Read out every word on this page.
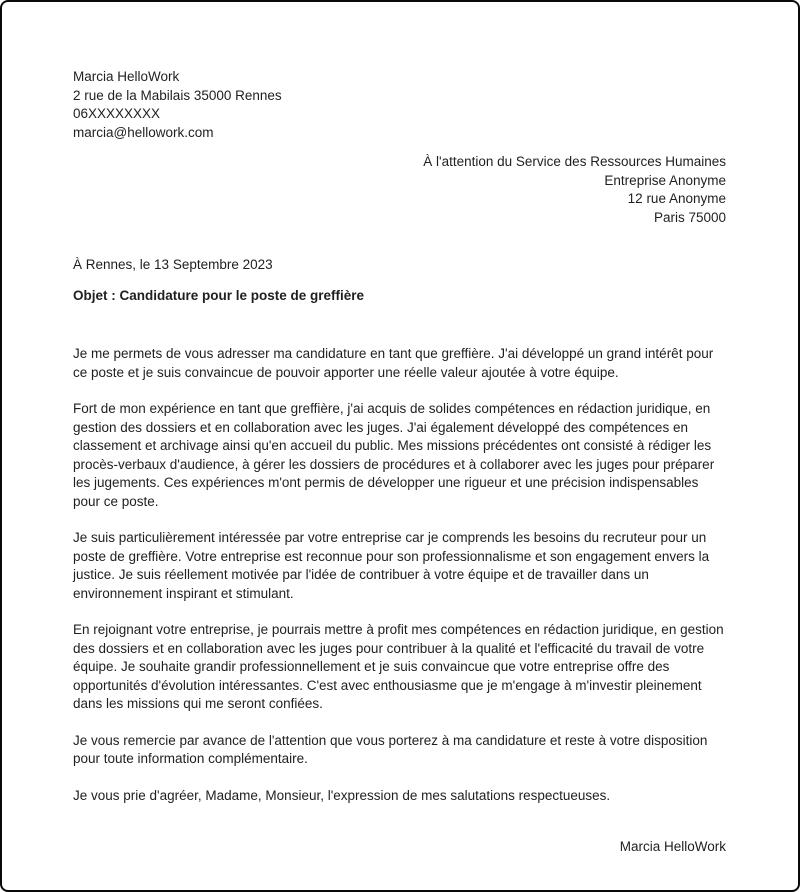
Marcia HelloWork
2 rue de la Mabilais 35000 Rennes
06XXXXXXXX
marcia@hellowork.com
À l'attention du Service des Ressources Humaines
Entreprise Anonyme
12 rue Anonyme
Paris 75000
À Rennes, le 13 Septembre 2023
Objet : Candidature pour le poste de greffière

Je me permets de vous adresser ma candidature en tant que greffière. J'ai développé un grand intérêt pour ce poste et je suis convaincue de pouvoir apporter une réelle valeur ajoutée à votre équipe.

Fort de mon expérience en tant que greffière, j'ai acquis de solides compétences en rédaction juridique, en gestion des dossiers et en collaboration avec les juges. J'ai également développé des compétences en classement et archivage ainsi qu'en accueil du public. Mes missions précédentes ont consisté à rédiger les procès-verbaux d'audience, à gérer les dossiers de procédures et à collaborer avec les juges pour préparer les jugements. Ces expériences m'ont permis de développer une rigueur et une précision indispensables pour ce poste.

Je suis particulièrement intéressée par votre entreprise car je comprends les besoins du recruteur pour un poste de greffière. Votre entreprise est reconnue pour son professionnalisme et son engagement envers la justice. Je suis réellement motivée par l'idée de contribuer à votre équipe et de travailler dans un environnement inspirant et stimulant.

En rejoignant votre entreprise, je pourrais mettre à profit mes compétences en rédaction juridique, en gestion des dossiers et en collaboration avec les juges pour contribuer à la qualité et l'efficacité du travail de votre équipe. Je souhaite grandir professionnellement et je suis convaincue que votre entreprise offre des opportunités d'évolution intéressantes. C'est avec enthousiasme que je m'engage à m'investir pleinement dans les missions qui me seront confiées.

Je vous remercie par avance de l'attention que vous porterez à ma candidature et reste à votre disposition pour toute information complémentaire.

Je vous prie d'agréer, Madame, Monsieur, l'expression de mes salutations respectueuses.

Marcia HelloWork
